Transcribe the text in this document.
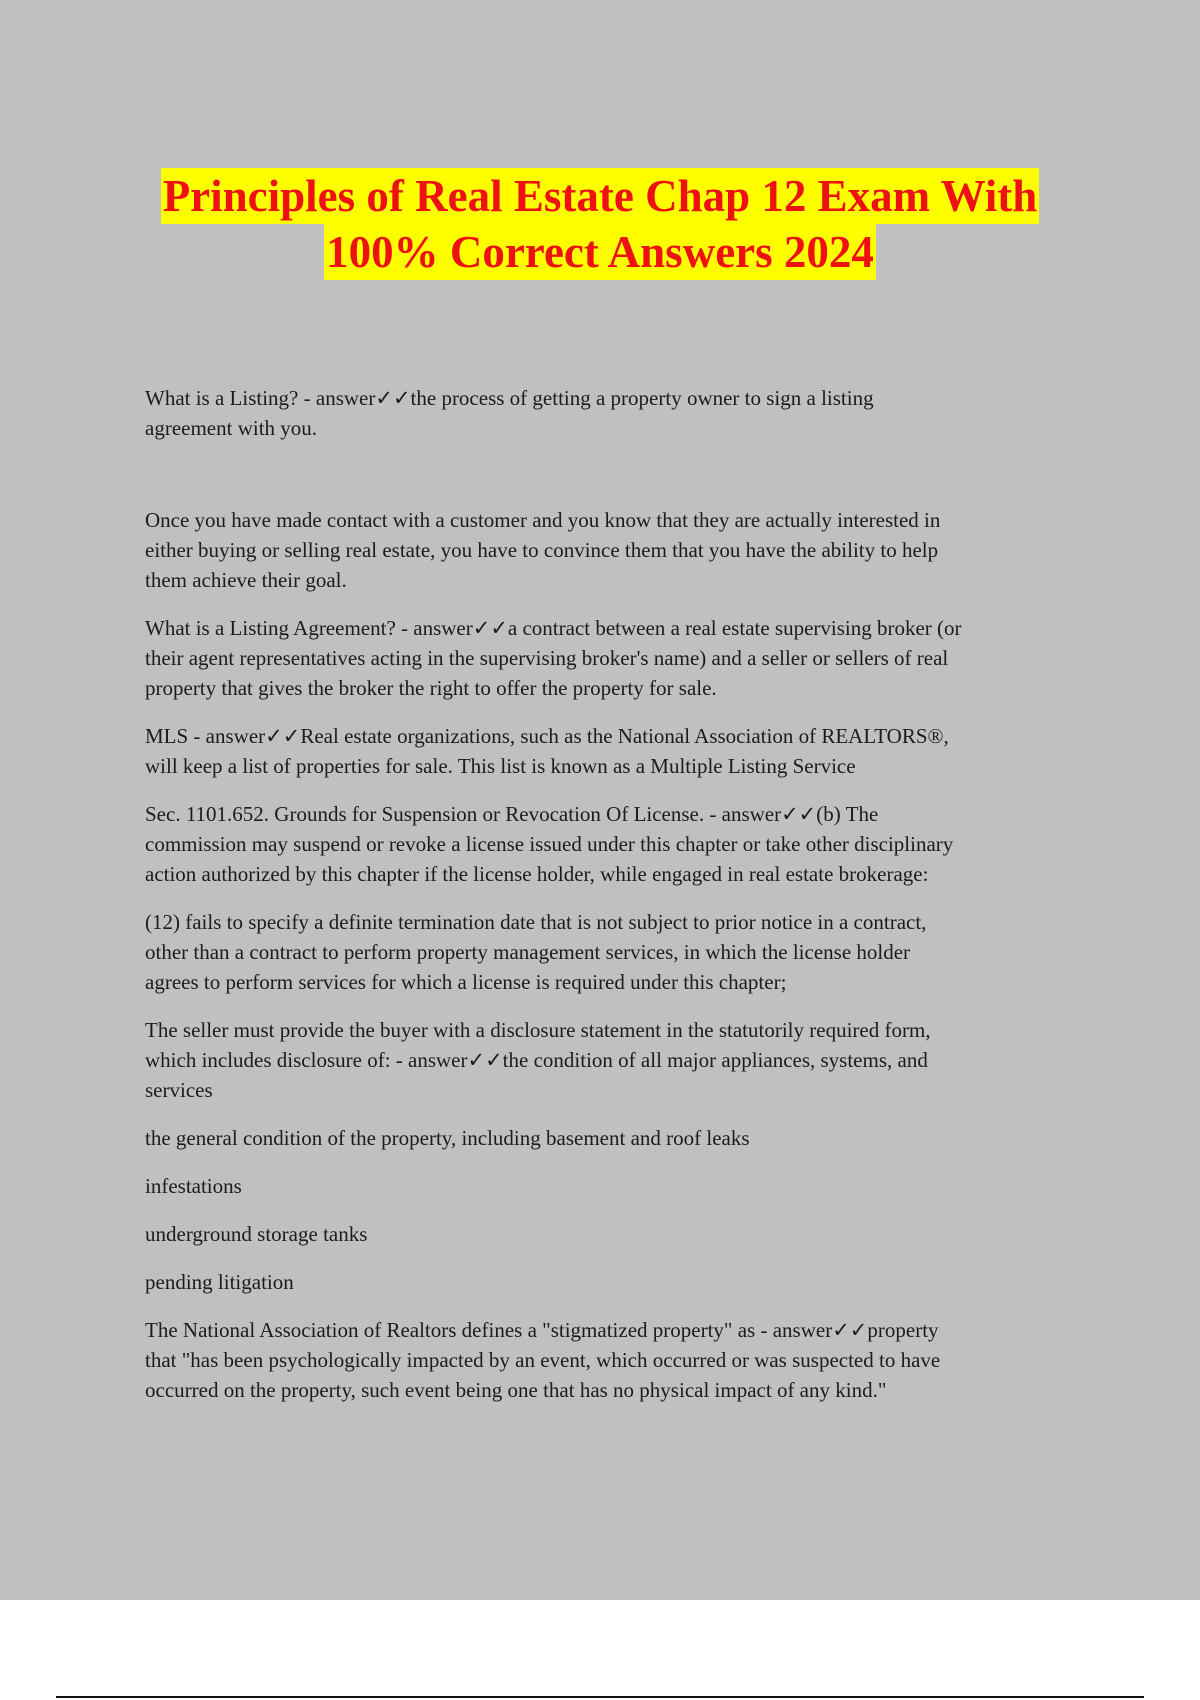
Principles of Real Estate Chap 12 Exam With
100% Correct Answers 2024

What is a Listing? - answer✓✓the process of getting a property owner to sign a listing
agreement with you.

Once you have made contact with a customer and you know that they are actually interested in
either buying or selling real estate, you have to convince them that you have the ability to help
them achieve their goal.

What is a Listing Agreement? - answer✓✓a contract between a real estate supervising broker (or
their agent representatives acting in the supervising broker's name) and a seller or sellers of real
property that gives the broker the right to offer the property for sale.

MLS - answer✓✓Real estate organizations, such as the National Association of REALTORS®,
will keep a list of properties for sale. This list is known as a Multiple Listing Service

Sec. 1101.652. Grounds for Suspension or Revocation Of License. - answer✓✓(b) The
commission may suspend or revoke a license issued under this chapter or take other disciplinary
action authorized by this chapter if the license holder, while engaged in real estate brokerage:

(12) fails to specify a definite termination date that is not subject to prior notice in a contract,
other than a contract to perform property management services, in which the license holder
agrees to perform services for which a license is required under this chapter;

The seller must provide the buyer with a disclosure statement in the statutorily required form,
which includes disclosure of: - answer✓✓the condition of all major appliances, systems, and
services

the general condition of the property, including basement and roof leaks

infestations

underground storage tanks

pending litigation

The National Association of Realtors defines a "stigmatized property" as - answer✓✓property
that "has been psychologically impacted by an event, which occurred or was suspected to have
occurred on the property, such event being one that has no physical impact of any kind."
